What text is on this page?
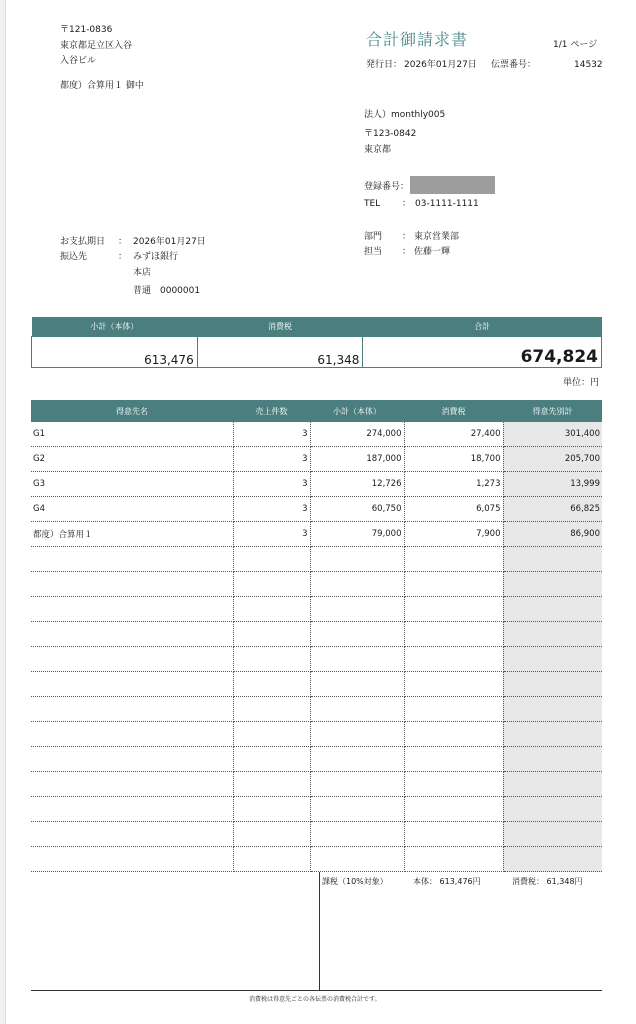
〒121-0836
東京都足立区入谷
入谷ビル
都度）合算用１ 御中
合計御請求書	1/1 ページ
発行日： 2026年01月27日 伝票番号：	14532
法人）monthly005
〒123-0842
東京都
登録番号：
TEL ： 03-1111-1111
部門 ： 東京営業部
担当 ： 佐藤一輝
お支払期日 ： 2026年01月27日
振込先	： みずほ銀行
本店
普通 0000001
小計（本体）	消費税	合計
613,476	61,348	674,824
単位：円
得意先名	売上件数	小計（本体）	消費税	得意先別計
G1	3	274,000	27,400	301,400
G2	3	187,000	18,700	205,700
G3	3	12,726	1,273	13,999
G4	3	60,750	6,075	66,825
都度）合算用１	3	79,000	7,900	86,900

課税（10%対象）	本体： 613,476円	消費税： 61,348円
消費税は得意先ごとの各伝票の消費税合計です。
